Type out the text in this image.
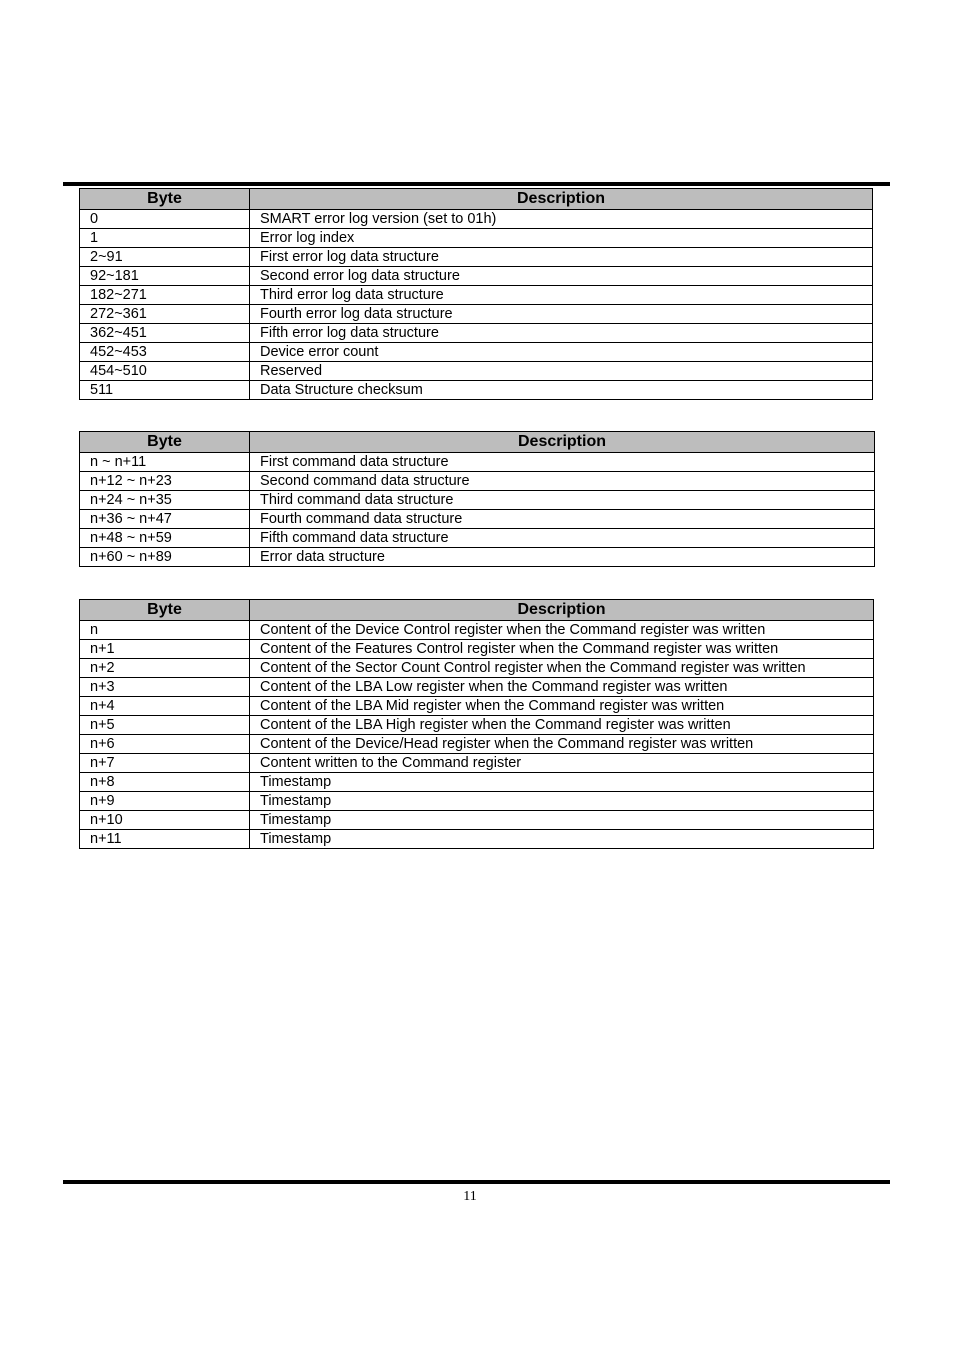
Byte	Description
0	SMART error log version (set to 01h)
1	Error log index
2~91	First error log data structure
92~181	Second error log data structure
182~271	Third error log data structure
272~361	Fourth error log data structure
362~451	Fifth error log data structure
452~453	Device error count
454~510	Reserved
511	Data Structure checksum
Byte	Description
n ~ n+11	First command data structure
n+12 ~ n+23	Second command data structure
n+24 ~ n+35	Third command data structure
n+36 ~ n+47	Fourth command data structure
n+48 ~ n+59	Fifth command data structure
n+60 ~ n+89	Error data structure
Byte	Description
n	Content of the Device Control register when the Command register was written
n+1	Content of the Features Control register when the Command register was written
n+2	Content of the Sector Count Control register when the Command register was written
n+3	Content of the LBA Low register when the Command register was written
n+4	Content of the LBA Mid register when the Command register was written
n+5	Content of the LBA High register when the Command register was written
n+6	Content of the Device/Head register when the Command register was written
n+7	Content written to the Command register
n+8	Timestamp
n+9	Timestamp
n+10	Timestamp
n+11	Timestamp
11
